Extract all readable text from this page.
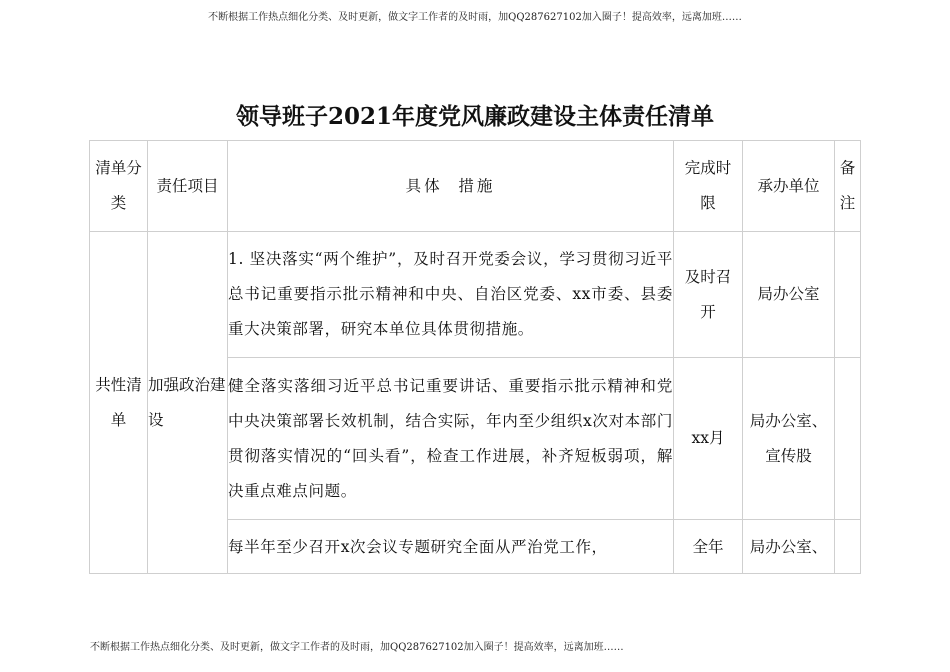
不断根据工作热点细化分类、及时更新，做文字工作者的及时雨，加QQ287627102加入圈子！提高效率，远离加班……
领导班子2021年度党风廉政建设主体责任清单
清单分类	责任项目	具体  措施	完成时限	承办单位	备注
共性清单	加强政治建设	1. 坚决落实“两个维护”，及时召开党委会议，学习贯彻习近平总书记重要指示批示精神和中央、自治区党委、xx市委、县委重大决策部署，研究本单位具体贯彻措施。	及时召开	局办公室	
		健全落实落细习近平总书记重要讲话、重要指示批示精神和党中央决策部署长效机制，结合实际，年内至少组织x次对本部门贯彻落实情况的“回头看”，检查工作进展，补齐短板弱项，解决重点难点问题。	xx月	局办公室、宣传股	
		每半年至少召开x次会议专题研究全面从严治党工作，	全年	局办公室、	
不断根据工作热点细化分类、及时更新，做文字工作者的及时雨，加QQ287627102加入圈子！提高效率，远离加班……
